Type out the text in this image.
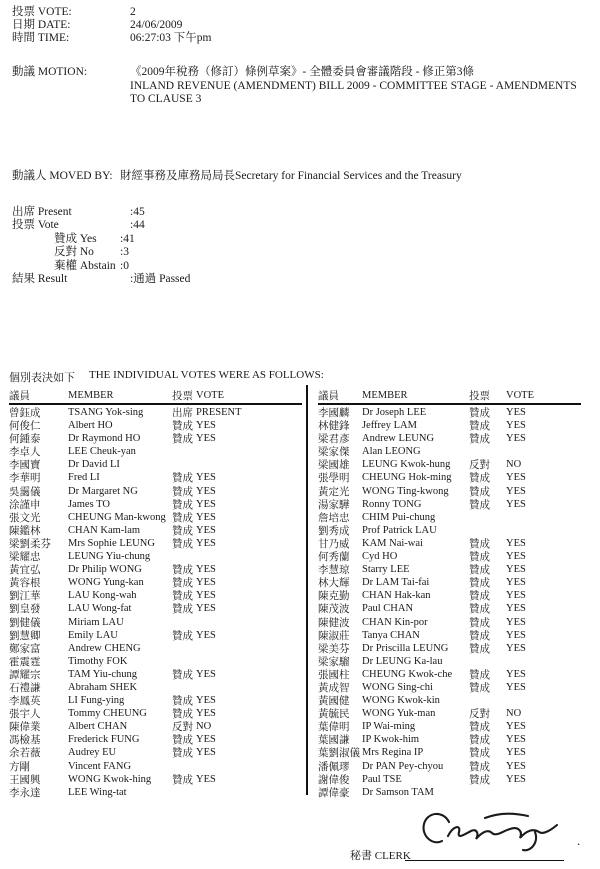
投票 VOTE:	2
日期 DATE:	24/06/2009
時間 TIME:	06:27:03 下午pm
動議 MOTION:	《2009年稅務（修訂）條例草案》- 全體委員會審議階段 - 修正第3條
INLAND REVENUE (AMENDMENT) BILL 2009 - COMMITTEE STAGE - AMENDMENTS TO CLAUSE 3
動議人 MOVED BY: 財經事務及庫務局局長Secretary for Financial Services and the Treasury
出席 Present	:45
投票 Vote	:44
贊成 Yes	:41
反對 No	:3
棄權 Abstain :0
結果 Result	:通過 Passed
個別表決如下 THE INDIVIDUAL VOTES WERE AS FOLLOWS:
議員	MEMBER	投票 VOTE
曾鈺成	TSANG Yok-sing	出席 PRESENT
何俊仁	Albert HO	贊成 YES
何鍾泰	Dr Raymond HO	贊成 YES
李卓人	LEE Cheuk-yan
李國寶	Dr David LI
李華明	Fred LI	贊成 YES
吳靄儀	Dr Margaret NG	贊成 YES
涂謹申	James TO	贊成 YES
張文光	CHEUNG Man-kwong 贊成 YES
陳鑑林	CHAN Kam-lam	贊成 YES
梁劉柔芬	Mrs Sophie LEUNG	贊成 YES
梁耀忠	LEUNG Yiu-chung
黃宜弘	Dr Philip WONG	贊成 YES
黃容根	WONG Yung-kan	贊成 YES
劉江華	LAU Kong-wah	贊成 YES
劉皇發	LAU Wong-fat	贊成 YES
劉健儀	Miriam LAU
劉慧卿	Emily LAU	贊成 YES
鄭家富	Andrew CHENG
霍震霆	Timothy FOK
譚耀宗	TAM Yiu-chung	贊成 YES
石禮謙	Abraham SHEK
李鳳英	LI Fung-ying	贊成 YES
張宇人	Tommy CHEUNG	贊成 YES
陳偉業	Albert CHAN	反對 NO
馮檢基	Frederick FUNG	贊成 YES
余若薇	Audrey EU	贊成 YES
方剛	Vincent FANG
王國興	WONG Kwok-hing	贊成 YES
李永達	LEE Wing-tat
議員	MEMBER	投票	VOTE
李國麟	Dr Joseph LEE	贊成	YES
林健鋒	Jeffrey LAM	贊成	YES
梁君彥	Andrew LEUNG	贊成	YES
梁家傑	Alan LEONG
梁國雄	LEUNG Kwok-hung	反對	NO
張學明	CHEUNG Hok-ming	贊成	YES
黃定光	WONG Ting-kwong	贊成	YES
湯家驊	Ronny TONG	贊成	YES
詹培忠	CHIM Pui-chung
劉秀成	Prof Patrick LAU
甘乃威	KAM Nai-wai	贊成	YES
何秀蘭	Cyd HO	贊成	YES
李慧琼	Starry LEE	贊成	YES
林大輝	Dr LAM Tai-fai	贊成	YES
陳克勤	CHAN Hak-kan	贊成	YES
陳茂波	Paul CHAN	贊成	YES
陳健波	CHAN Kin-por	贊成	YES
陳淑莊	Tanya CHAN	贊成	YES
梁美芬	Dr Priscilla LEUNG	贊成	YES
梁家騮	Dr LEUNG Ka-lau
張國柱	CHEUNG Kwok-che	贊成	YES
黃成智	WONG Sing-chi	贊成	YES
黃國健	WONG Kwok-kin
黃毓民	WONG Yuk-man	反對	NO
葉偉明	IP Wai-ming	贊成	YES
葉國謙	IP Kwok-him	贊成	YES
葉劉淑儀 Mrs Regina IP	贊成	YES
潘佩璆	Dr PAN Pey-chyou	贊成	YES
謝偉俊	Paul TSE	贊成	YES
譚偉豪	Dr Samson TAM
秘書 CLERK
.
